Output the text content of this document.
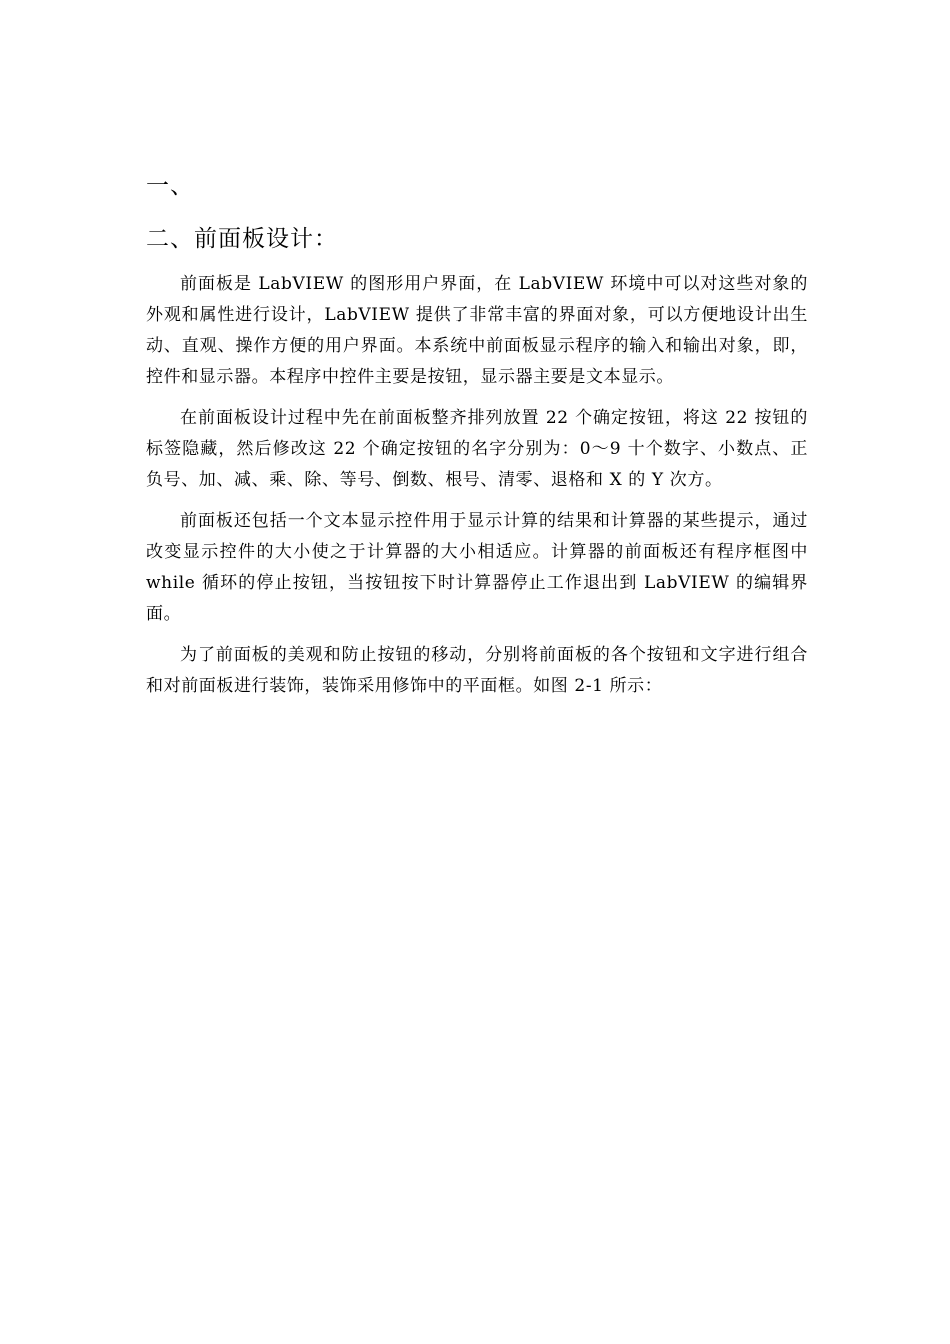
一、
二、前面板设计：

前面板是 LabVIEW 的图形用户界面，在 LabVIEW 环境中可以对这些对象的外观和属性进行设计，LabVIEW 提供了非常丰富的界面对象，可以方便地设计出生动、直观、操作方便的用户界面。本系统中前面板显示程序的输入和输出对象，即，控件和显示器。本程序中控件主要是按钮，显示器主要是文本显示。

在前面板设计过程中先在前面板整齐排列放置 22 个确定按钮，将这 22 按钮的标签隐藏，然后修改这 22 个确定按钮的名字分别为：0～9 十个数字、小数点、正负号、加、减、乘、除、等号、倒数、根号、清零、退格和 X 的 Y 次方。

前面板还包括一个文本显示控件用于显示计算的结果和计算器的某些提示，通过改变显示控件的大小使之于计算器的大小相适应。计算器的前面板还有程序框图中 while 循环的停止按钮，当按钮按下时计算器停止工作退出到 LabVIEW 的编辑界面。

为了前面板的美观和防止按钮的移动，分别将前面板的各个按钮和文字进行组合和对前面板进行装饰，装饰采用修饰中的平面框。如图 2-1 所示：
